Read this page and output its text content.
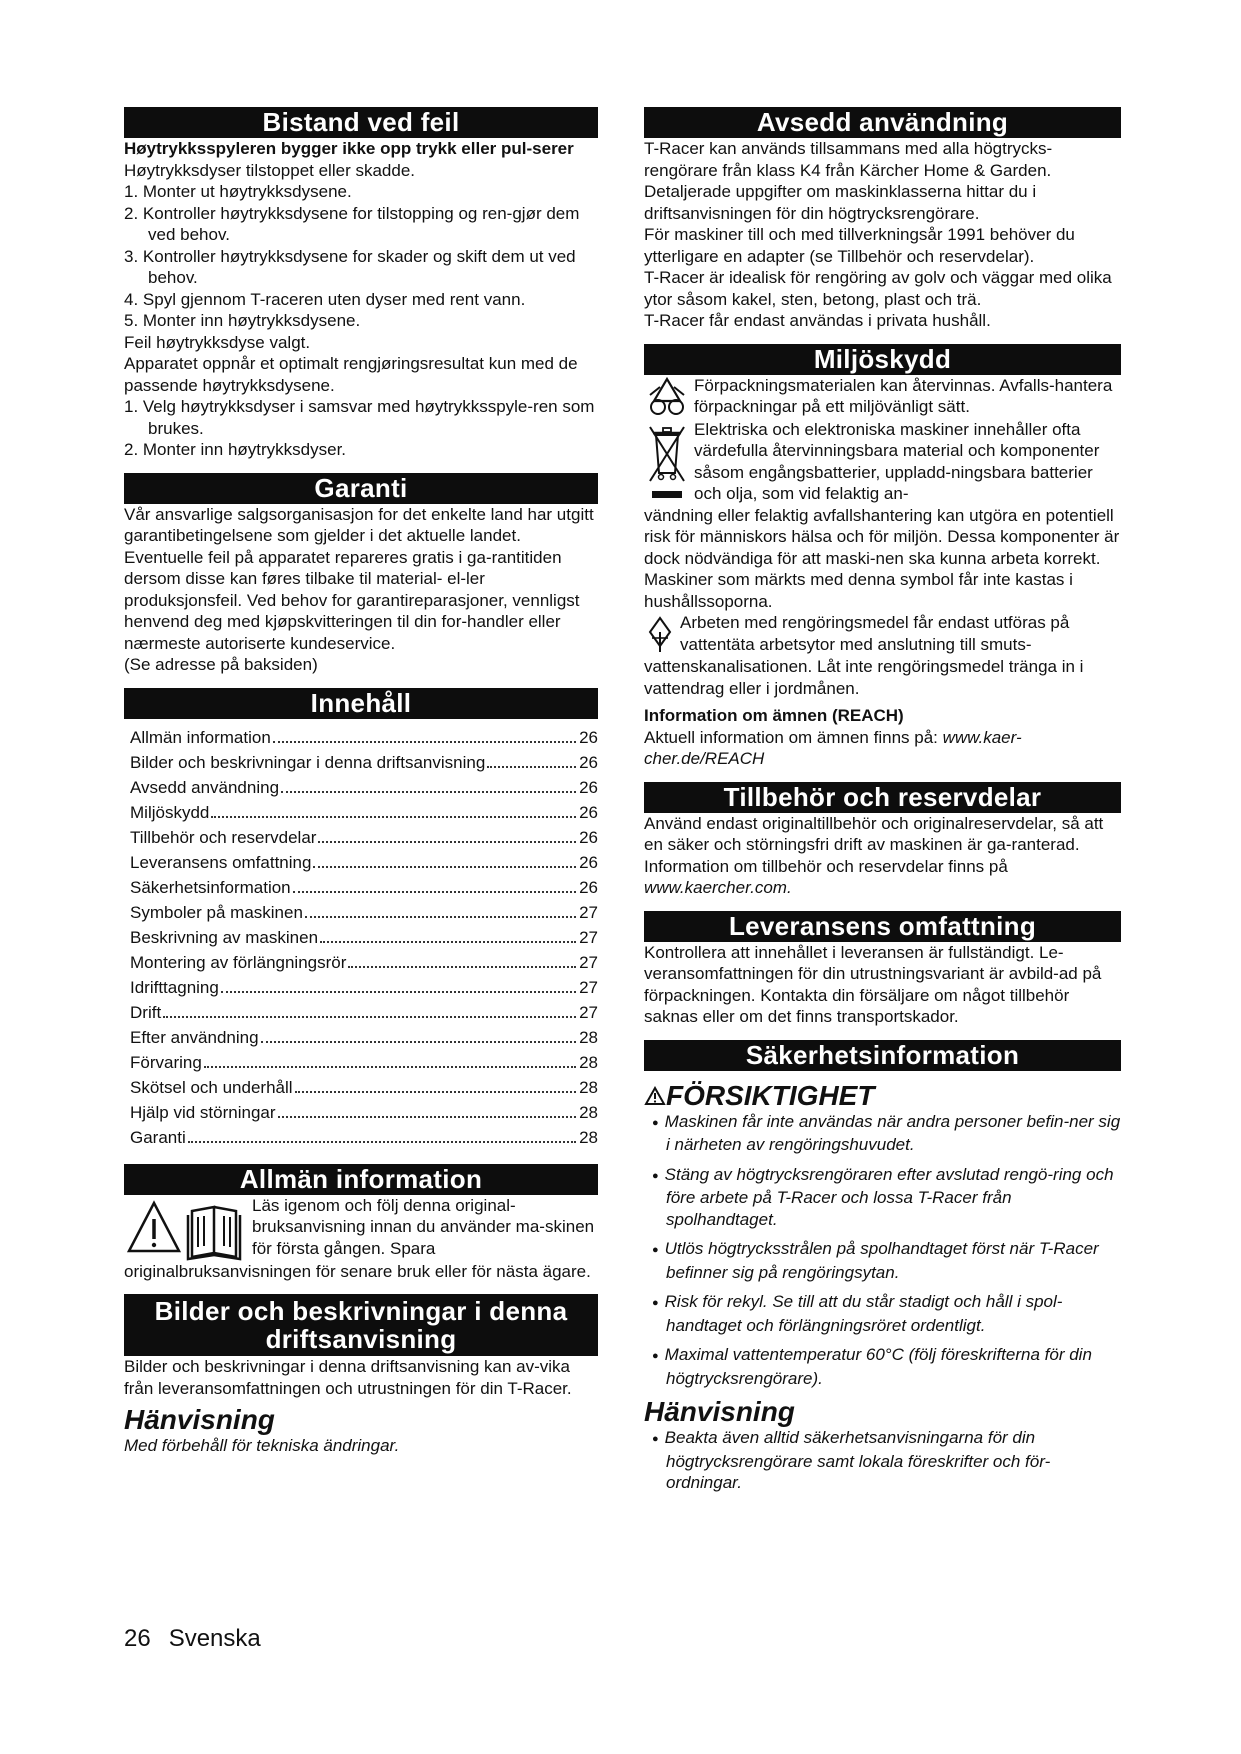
Bistand ved feil

Høytrykksspyleren bygger ikke opp trykk eller pul-serer

Høytrykksdyser tilstoppet eller skadde.

1. Monter ut høytrykksdysene.
2. Kontroller høytrykksdysene for tilstopping og ren-gjør dem ved behov.
3. Kontroller høytrykksdysene for skader og skift dem ut ved behov.
4. Spyl gjennom T-raceren uten dyser med rent vann.
5. Monter inn høytrykksdysene.

Feil høytrykksdyse valgt.

Apparatet oppnår et optimalt rengjøringsresultat kun med de passende høytrykksdysene.

1. Velg høytrykksdyser i samsvar med høytrykksspyle-ren som brukes.
2. Monter inn høytrykksdyser.
Garanti

Vår ansvarlige salgsorganisasjon for det enkelte land har utgitt garantibetingelsene som gjelder i det aktuelle landet. Eventuelle feil på apparatet repareres gratis i ga-rantitiden dersom disse kan føres tilbake til material- el-ler produksjonsfeil. Ved behov for garantireparasjoner, vennligst henvend deg med kjøpskvitteringen til din for-handler eller nærmeste autoriserte kundeservice.

(Se adresse på baksiden)

Innehåll
Allmän information	26
Bilder och beskrivningar i denna driftsanvisning	26
Avsedd användning	26
Miljöskydd	26
Tillbehör och reservdelar	26
Leveransens omfattning	26
Säkerhetsinformation	26
Symboler på maskinen	27
Beskrivning av maskinen	27
Montering av förlängningsrör	27
Idrifttagning	27
Drift	27
Efter användning	28
Förvaring	28
Skötsel och underhåll	28
Hjälp vid störningar	28
Garanti	28
Allmän information

Läs igenom och följ denna original-bruksanvisning innan du använder ma-skinen för första gången. Spara

originalbruksanvisningen för senare bruk eller för nästa ägare.

Bilder och beskrivningar i denna
driftsanvisning

Bilder och beskrivningar i denna driftsanvisning kan av-vika från leveransomfattningen och utrustningen för din T-Racer.

Hänvisning

Med förbehåll för tekniska ändringar.

Avsedd användning

T-Racer kan används tillsammans med alla högtrycks-rengörare från klass K4 från Kärcher Home & Garden. Detaljerade uppgifter om maskinklasserna hittar du i driftsanvisningen för din högtrycksrengörare.

För maskiner till och med tillverkningsår 1991 behöver du ytterligare en adapter (se Tillbehör och reservdelar).

T-Racer är idealisk för rengöring av golv och väggar med olika ytor såsom kakel, sten, betong, plast och trä.

T-Racer får endast användas i privata hushåll.

Miljöskydd

Förpackningsmaterialen kan återvinnas. Avfalls-hantera förpackningar på ett miljövänligt sätt.

Elektriska och elektroniska maskiner innehåller ofta värdefulla återvinningsbara material och komponenter såsom engångsbatterier, uppladd-ningsbara batterier och olja, som vid felaktig an-

vändning eller felaktig avfallshantering kan utgöra en potentiell risk för människors hälsa och för miljön. Dessa komponenter är dock nödvändiga för att maski-nen ska kunna arbeta korrekt. Maskiner som märkts med denna symbol får inte kastas i hushållssoporna.

Arbeten med rengöringsmedel får endast utföras på vattentäta arbetsytor med anslutning till smuts-

vattenskanalisationen. Låt inte rengöringsmedel tränga in i vattendrag eller i jordmånen.

Information om ämnen (REACH)

Aktuell information om ämnen finns på: www.kaer-cher.de/REACH

Tillbehör och reservdelar

Använd endast originaltillbehör och originalreservdelar, så att en säker och störningsfri drift av maskinen är ga-ranterad.

Information om tillbehör och reservdelar finns på

www.kaercher.com.

Leveransens omfattning

Kontrollera att innehållet i leveransen är fullständigt. Le-veransomfattningen för din utrustningsvariant är avbild-ad på förpackningen. Kontakta din försäljare om något tillbehör saknas eller om det finns transportskador.

Säkerhetsinformation
FÖRSIKTIGHET
● Maskinen får inte användas när andra personer befin-ner sig i närheten av rengöringshuvudet.
● Stäng av högtrycksrengöraren efter avslutad rengö-ring och före arbete på T-Racer och lossa T-Racer från spolhandtaget.
● Utlös högtrycksstrålen på spolhandtaget först när T-Racer befinner sig på rengöringsytan.
● Risk för rekyl. Se till att du står stadigt och håll i spol-handtaget och förlängningsröret ordentligt.
● Maximal vattentemperatur 60°C (följ föreskrifterna för din högtrycksrengörare).
Hänvisning
● Beakta även alltid säkerhetsanvisningarna för din högtrycksrengörare samt lokala föreskrifter och för-ordningar.
26 Svenska
